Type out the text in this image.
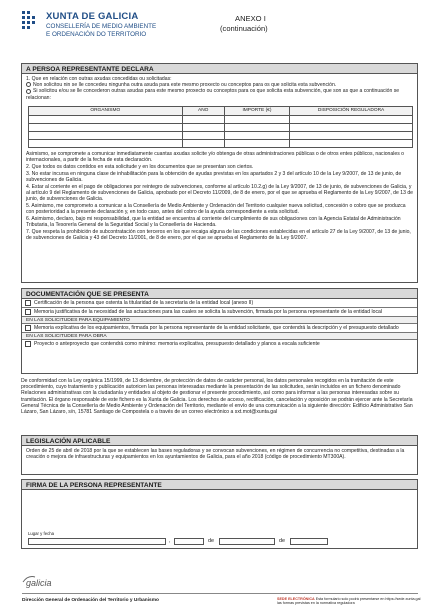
XUNTA DE GALICIA
CONSELLERÍA DE MEDIO AMBIENTE
E ORDENACIÓN DO TERRITORIO
ANEXO I
(continuación)
A PERSOA REPRESENTANTE DECLARA
1. Que en relación con outras axudas concedidas ou solicitadas:
Non solicitou nin se lle concedeu ningunha outra axuda para este mesmo proxecto ou conceptos para os que solicita esta subvención.
Si solicitou e/ou se lle concederon outras axudas para este mesmo proxecto ou conceptos para os que solicita esta subvención, que son as que a continuación se relacionan:
ORGANISMO	ANO	IMPORTE (€)	DISPOSICIÓN REGULADORA

Asimismo, se compromete a comunicar inmediatamente cuantas axudas solicite y/o obtenga de otras administraciones públicas o de otros entes públicos, nacionales o internacionales, a partir de la fecha de esta declaración.
2. Que todos os datos contidos en esta solicitude y en los documentos que se presentan son ciertos.
3. No estar incursa en ninguna clase de inhabilitación para la obtención de ayudas previstas en los apartados 2 y 3 del artículo 10 de la Ley 9/2007, de 13 de junio, de subvenciones de Galicia.
4. Estar al corriente en el pago de obligaciones por reintegro de subvenciones, conforme al artículo 10.2.g) de la Ley 9/2007, de 13 de junio, de subvenciones de Galicia, y al artículo 9 del Reglamento de subvenciones de Galicia, aprobado por el Decreto 11/2009, de 8 de enero, por el que se aprueba el Reglamento de la Ley 9/2007, de 13 de junio, de subvenciones de Galicia.
5. Asimismo, me comprometo a comunicar a la Consellería de Medio Ambiente y Ordenación del Territorio cualquier nueva solicitud, concesión o cobro que se produzca con posterioridad a la presente declaración y, en todo caso, antes del cobro de la ayuda correspondiente a esta solicitud.
6. Asimismo, declaro, bajo mi responsabilidad, que la entidad se encuentra al corriente del cumplimiento de sus obligaciones con la Agencia Estatal de Administración Tributaria, la Tesorería General de la Seguridad Social y la Consellería de Hacienda.
7. Que respeta la prohibición de subcontratación con terceros en los que recaiga alguna de las condiciones establecidas en el artículo 27 de la Ley 9/2007, de 13 de junio, de subvenciones de Galicia y 43 del Decreto 11/2001, de 8 de enero, por el que se aprueba el Reglamento de la Ley 9/2007.
DOCUMENTACIÓN QUE SE PRESENTA
Certificación de la persona que ostenta la titularidad de la secretaría de la entidad local (anexo II)
Memoria justificativa de la necesidad de las actuaciones para las cuales se solicita la subvención, firmada por la persona representante de la entidad local
EN LAS SOLICITUDES PARA EQUIPAMIENTO
Memoria explicativa de los equipamientos, firmada por la persona representante de la entidad solicitante, que contendrá la descripción y el presupuesto detallado
EN LAS SOLICITUDES PARA OBRA
Proyecto o anteproyecto que contendrá como mínimo: memoria explicativa, presupuesto detallado y planos a escala suficiente
De conformidad con la Ley orgánica 15/1999, de 13 diciembre, de protección de datos de carácter personal, los datos personales recogidos en la tramitación de este procedimiento, cuyo tratamiento y publicación autoricen las personas interesadas mediante la presentación de las solicitudes, serán incluidos en un fichero denominado Relaciones administrativas con la ciudadanía y entidades al objeto de gestionar el presente procedimiento, así como para informar a las personas interesadas sobre su tramitación. El órgano responsable de este fichero es la Xunta de Galicia. Los derechos de acceso, rectificación, cancelación y oposición se podrán ejercer ante la Secretaría General Técnica de la Consellería de Medio Ambiente y Ordenación del Territorio, mediante el envío de una comunicación a la siguiente dirección: Edificio Administrativo San Lázaro, San Lázaro, s/n, 15781 Santiago de Compostela o a través de un correo electrónico a sxt.mot@xunta.gal
LEGISLACIÓN APLICABLE
Orden de 25 de abril de 2018 por la que se establecen las bases reguladoras y se convocan subvenciones, en régimen de concurrencia no competitiva, destinadas a la creación o mejora de infraestructuras y equipamientos en los ayuntamientos de Galicia, para el año 2018 (código de procedimiento MT300A).
FIRMA DE LA PERSONA REPRESENTANTE
Lugar y fecha
,	de	de
galicia
Dirección General de Ordenación del Territorio y Urbanismo	SEDE ELECTRÓNICA Esta formulario solo podrá presentarse en https://sede.xunta.gal las formas previstas en la normativa reguladora
